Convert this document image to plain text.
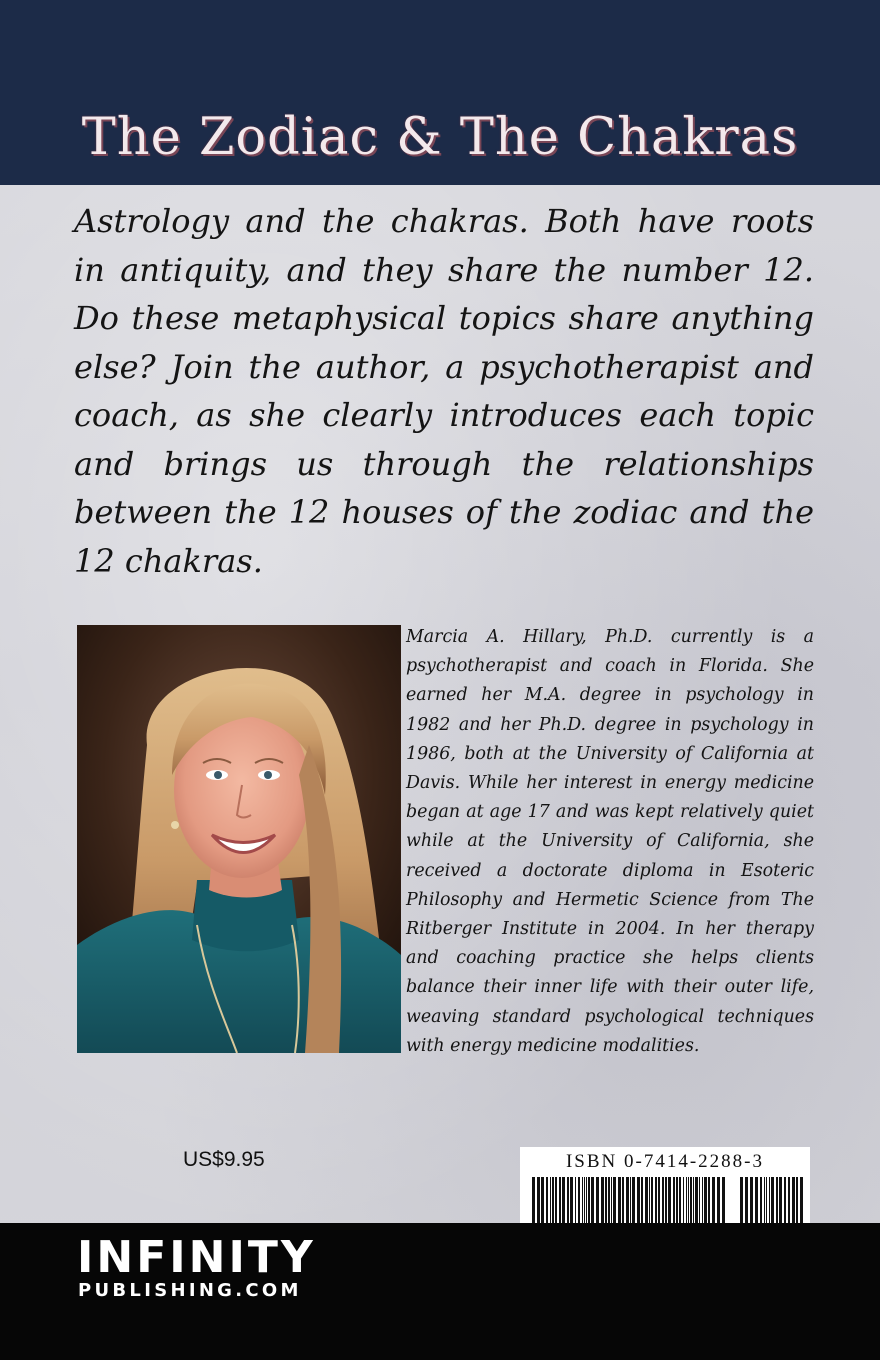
The Zodiac & The Chakras

Astrology and the chakras. Both have roots in antiquity, and they share the number 12. Do these metaphysical topics share anything else? Join the author, a psychotherapist and coach, as she clearly introduces each topic and brings us through the relationships between the 12 houses of the zodiac and the 12 chakras.

Marcia A. Hillary, Ph.D. currently is a psychotherapist and coach in Florida. She earned her M.A. degree in psychology in 1982 and her Ph.D. degree in psychology in 1986, both at the University of California at Davis. While her interest in energy medicine began at age 17 and was kept relatively quiet while at the University of California, she received a doctorate diploma in Esoteric Philosophy and Hermetic Science from The Ritberger Institute in 2004. In her therapy and coaching practice she helps clients balance their inner life with their outer life, weaving standard psychological techniques with energy medicine modalities.
US$9.95	ISBN 0-7414-2288-3
INFINITY
PUBLISHING.COM
